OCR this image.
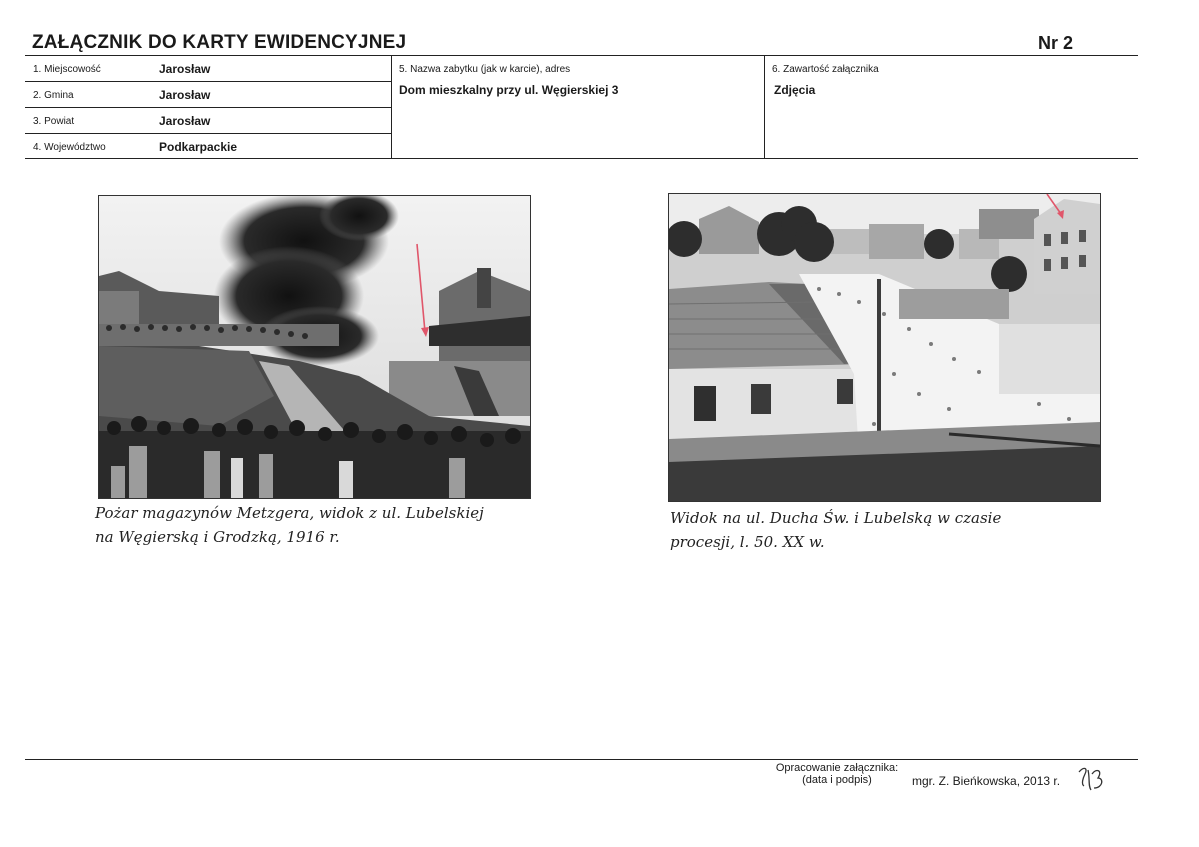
ZAŁĄCZNIK DO KARTY EWIDENCYJNEJ	Nr 2
1. Miejscowość	Jarosław
2. Gmina	Jarosław
3. Powiat	Jarosław
4. Województwo	Podkarpackie
5. Nazwa zabytku (jak w karcie), adres
Dom mieszkalny przy ul. Węgierskiej 3
6. Zawartość załącznika
Zdjęcia
Pożar magazynów Metzgera, widok z ul. Lubelskiej
na Węgierską i Grodzką, 1916 r.
Widok na ul. Ducha Św. i Lubelską w czasie
procesji, l. 50. XX w.
Opracowanie załącznika:
(data i podpis)	mgr. Z. Bieńkowska, 2013 r.
